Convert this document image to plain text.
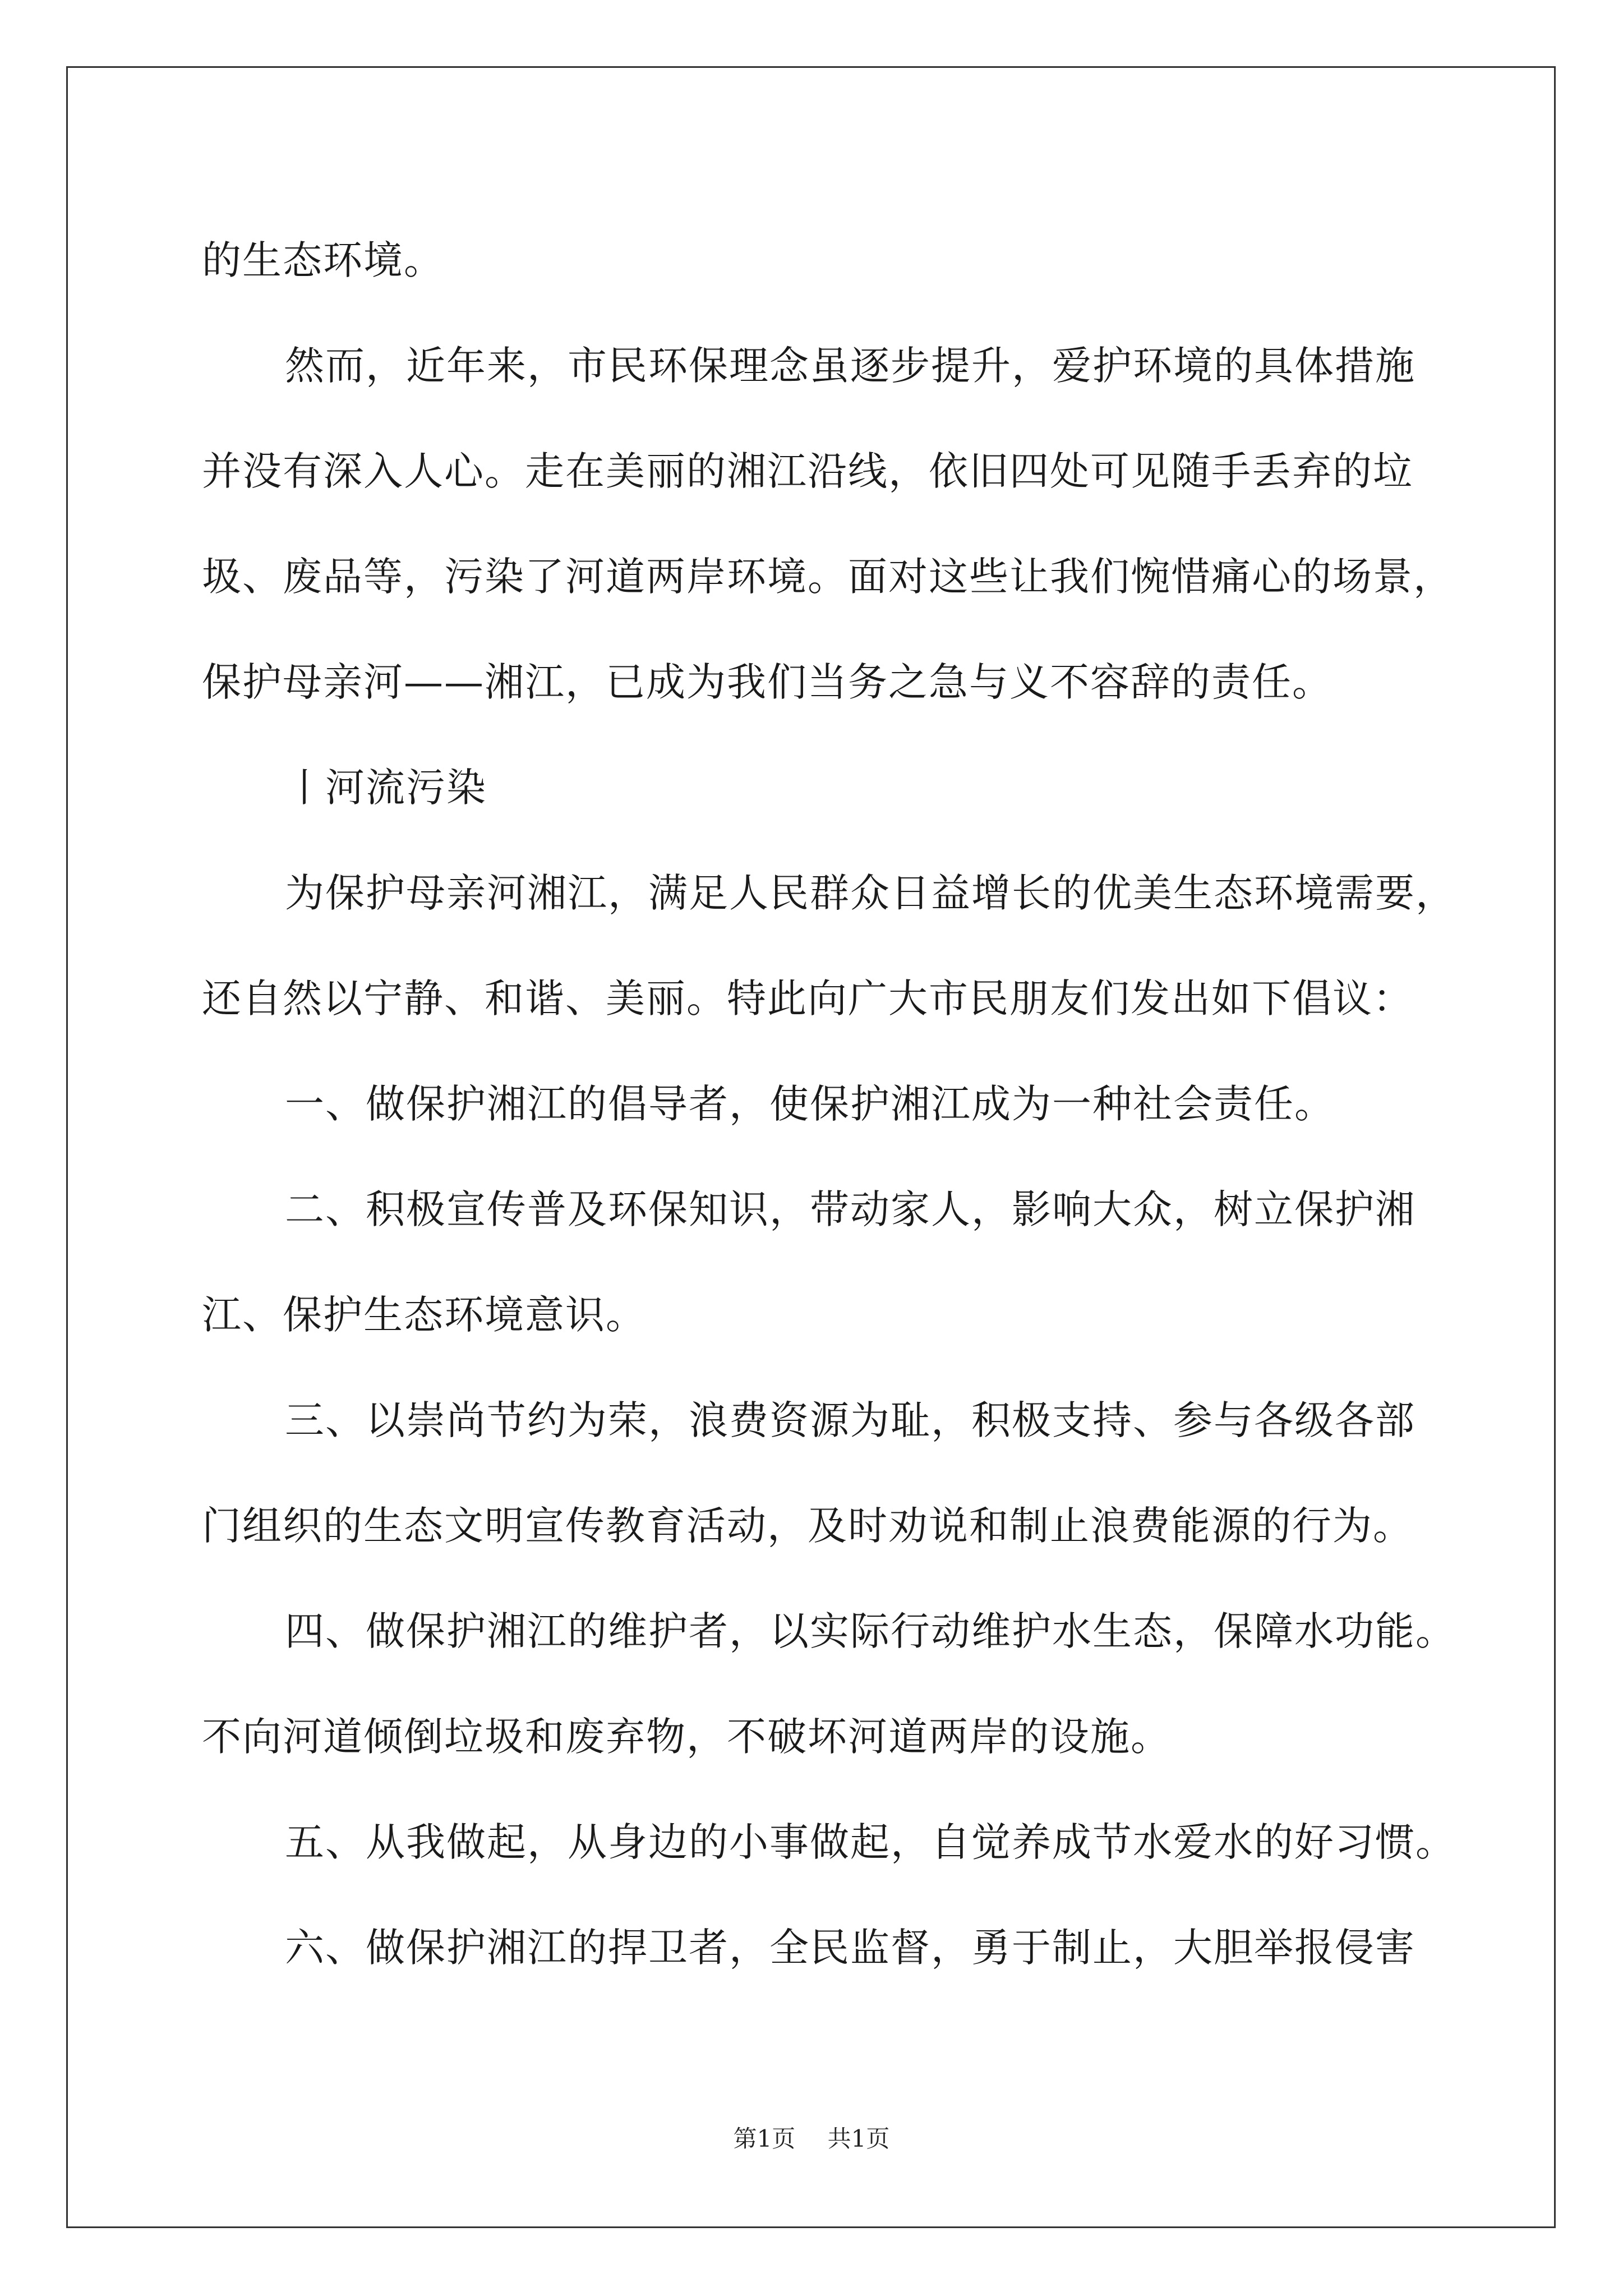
的生态环境。

然而，近年来，市民环保理念虽逐步提升，爱护环境的具体措施

并没有深入人心。走在美丽的湘江沿线，依旧四处可见随手丢弃的垃

圾、废品等，污染了河道两岸环境。面对这些让我们惋惜痛心的场景，

保护母亲河——湘江，已成为我们当务之急与义不容辞的责任。

丨河流污染

为保护母亲河湘江，满足人民群众日益增长的优美生态环境需要，

还自然以宁静、和谐、美丽。特此向广大市民朋友们发出如下倡议：

一、做保护湘江的倡导者，使保护湘江成为一种社会责任。

二、积极宣传普及环保知识，带动家人，影响大众，树立保护湘

江、保护生态环境意识。

三、以崇尚节约为荣，浪费资源为耻，积极支持、参与各级各部

门组织的生态文明宣传教育活动，及时劝说和制止浪费能源的行为。

四、做保护湘江的维护者，以实际行动维护水生态，保障水功能。

不向河道倾倒垃圾和废弃物，不破坏河道两岸的设施。

五、从我做起，从身边的小事做起，自觉养成节水爱水的好习惯。

六、做保护湘江的捍卫者，全民监督，勇于制止，大胆举报侵害

第1页 共1页
